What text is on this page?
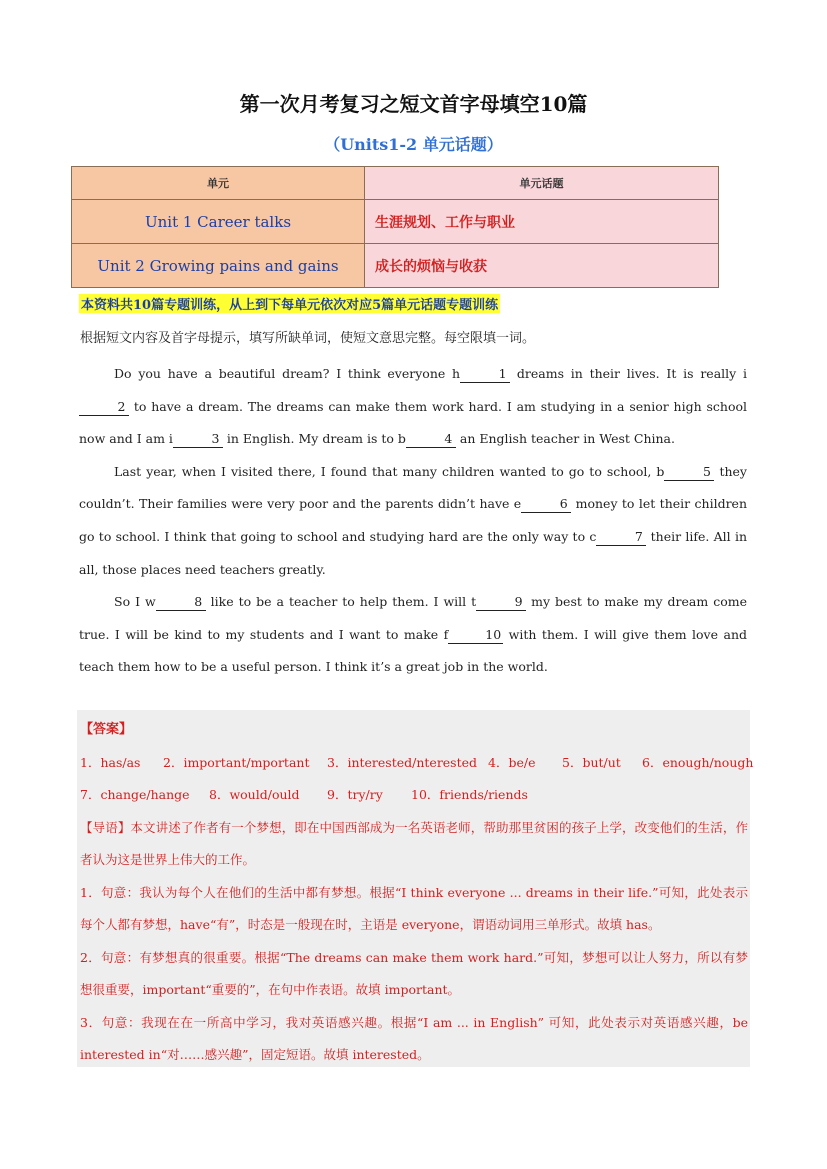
第一次月考复习之短文首字母填空10篇
（Units1-2 单元话题）
单元	单元话题
Unit 1 Career talks	生涯规划、工作与职业
Unit 2 Growing pains and gains	成长的烦恼与收获
本资料共10篇专题训练，从上到下每单元依次对应5篇单元话题专题训练
根据短文内容及首字母提示，填写所缺单词，使短文意思完整。每空限填一词。

Do you have a beautiful dream? I think everyone h	1 dreams in their lives. It is really i2 to have a dream. The dreams can make them work hard. I am studying in a senior high school now and I am i	3 in English. My dream is to b	4 an English teacher in West China.

Last year, when I visited there, I found that many children wanted to go to school, b	5 they couldn’t. Their families were very poor and the parents didn’t have e	6 money to let their children go to school. I think that going to school and studying hard are the only way to c	7 their life. All in all, those places need teachers greatly.

So I w	8 like to be a teacher to help them. I will t	9 my best to make my dream come true. I will be kind to my students and I want to make f	10 with them. I will give them love and teach them how to be a useful person. I think it’s a great job in the world.

【答案】
1．has/as 2．important/mportant 3．interested/nterested 4．be/e 5．but/ut 6．enough/nough
7．change/hange 8．would/ould 9．try/ry 10．friends/riends

【导语】本文讲述了作者有一个梦想，即在中国西部成为一名英语老师，帮助那里贫困的孩子上学，改变他们的生活，作者认为这是世界上伟大的工作。

1．句意：我认为每个人在他们的生活中都有梦想。根据“I think everyone ... dreams in their life.”可知，此处表示每个人都有梦想，have“有”，时态是一般现在时，主语是 everyone，谓语动词用三单形式。故填 has。

2．句意：有梦想真的很重要。根据“The dreams can make them work hard.”可知，梦想可以让人努力，所以有梦想很重要，important“重要的”，在句中作表语。故填 important。

3．句意：我现在在一所高中学习，我对英语感兴趣。根据“I am ... in English” 可知，此处表示对英语感兴趣，be interested in“对……感兴趣”，固定短语。故填 interested。
